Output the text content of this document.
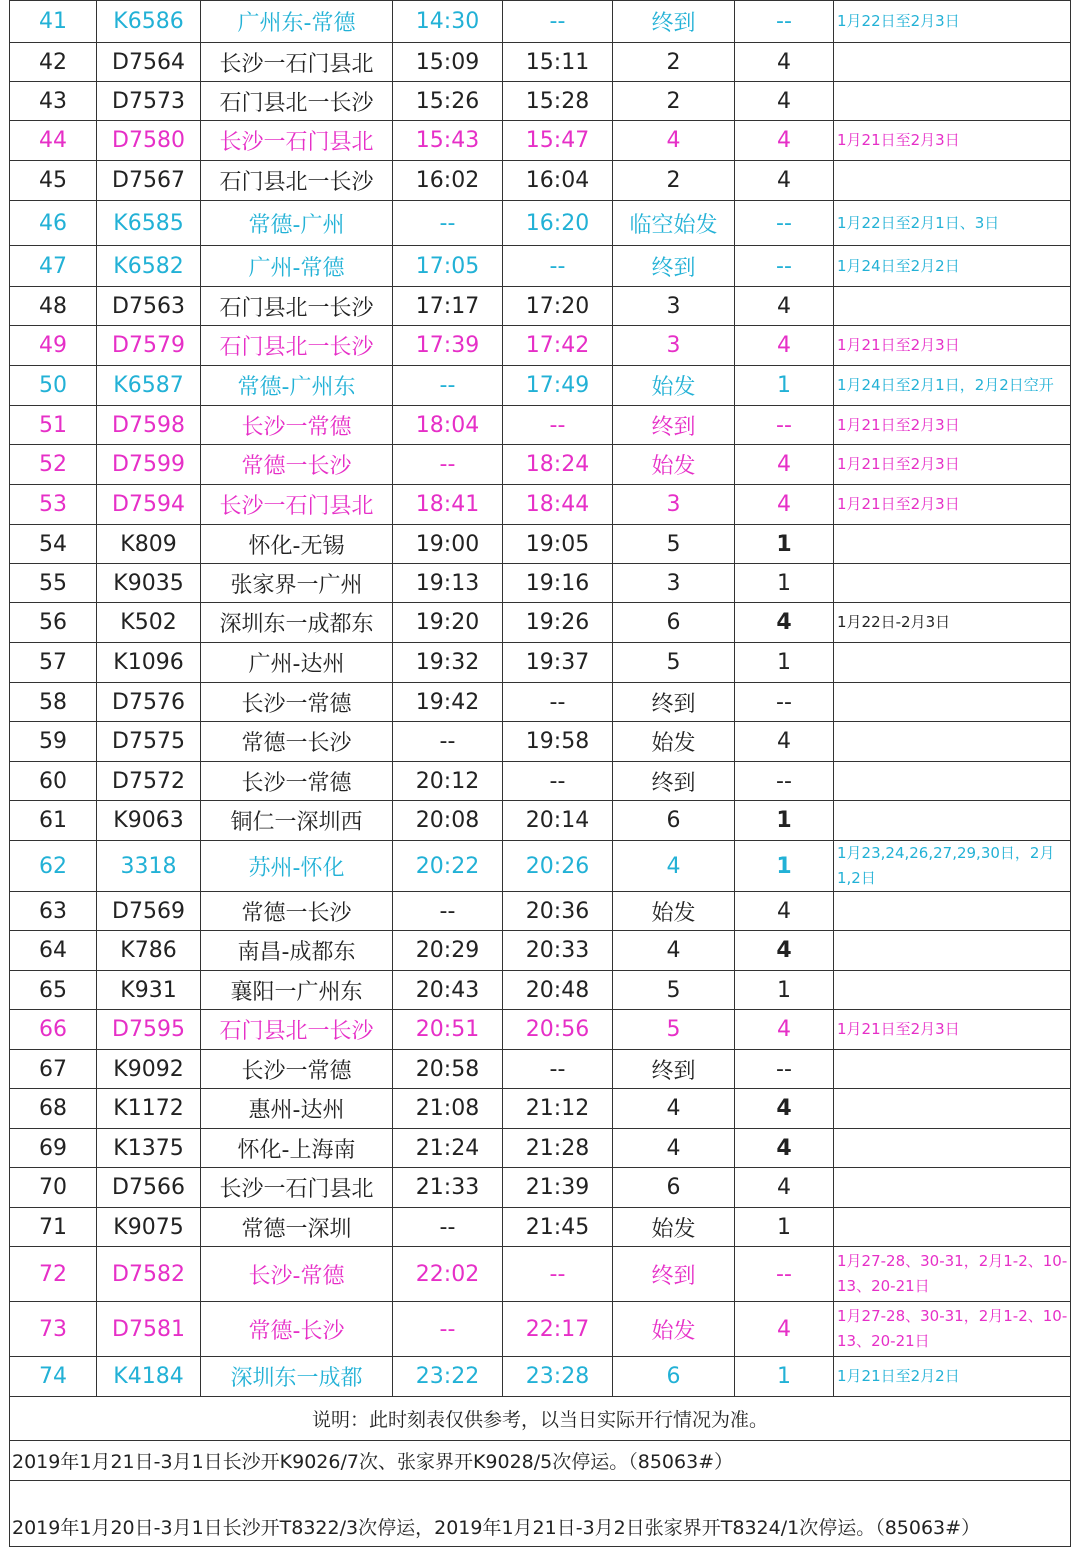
41	K6586	广州东-常德	14:30	--	终到	--	1月22日至2月3日
42	D7564	长沙一石门县北	15:09	15:11	2	4	
43	D7573	石门县北一长沙	15:26	15:28	2	4	
44	D7580	长沙一石门县北	15:43	15:47	4	4	1月21日至2月3日
45	D7567	石门县北一长沙	16:02	16:04	2	4	
46	K6585	常德-广州	--	16:20	临空始发	--	1月22日至2月1日、3日
47	K6582	广州-常德	17:05	--	终到	--	1月24日至2月2日
48	D7563	石门县北一长沙	17:17	17:20	3	4	
49	D7579	石门县北一长沙	17:39	17:42	3	4	1月21日至2月3日
50	K6587	常德-广州东	--	17:49	始发	1	1月24日至2月1日，2月2日空开
51	D7598	长沙一常德	18:04	--	终到	--	1月21日至2月3日
52	D7599	常德一长沙	--	18:24	始发	4	1月21日至2月3日
53	D7594	长沙一石门县北	18:41	18:44	3	4	1月21日至2月3日
54	K809	怀化-无锡	19:00	19:05	5	1	
55	K9035	张家界一广州	19:13	19:16	3	1	
56	K502	深圳东一成都东	19:20	19:26	6	4	1月22日-2月3日
57	K1096	广州-达州	19:32	19:37	5	1	
58	D7576	长沙一常德	19:42	--	终到	--	
59	D7575	常德一长沙	--	19:58	始发	4	
60	D7572	长沙一常德	20:12	--	终到	--	
61	K9063	铜仁一深圳西	20:08	20:14	6	1	
62	3318	苏州-怀化	20:22	20:26	4	1	1月23,24,26,27,29,30日，2月1,2日
63	D7569	常德一长沙	--	20:36	始发	4	
64	K786	南昌-成都东	20:29	20:33	4	4	
65	K931	襄阳一广州东	20:43	20:48	5	1	
66	D7595	石门县北一长沙	20:51	20:56	5	4	1月21日至2月3日
67	K9092	长沙一常德	20:58	--	终到	--	
68	K1172	惠州-达州	21:08	21:12	4	4	
69	K1375	怀化-上海南	21:24	21:28	4	4	
70	D7566	长沙一石门县北	21:33	21:39	6	4	
71	K9075	常德一深圳	--	21:45	始发	1	
72	D7582	长沙-常德	22:02	--	终到	--	1月27-28、30-31，2月1-2、10-13、20-21日
73	D7581	常德-长沙	--	22:17	始发	4	1月27-28、30-31，2月1-2、10-13、20-21日
74	K4184	深圳东一成都	23:22	23:28	6	1	1月21日至2月2日
说明：此时刻表仅供参考，以当日实际开行情况为准。							
2019年1月21日-3月1日长沙开K9026/7次、张家界开K9028/5次停运。（85063#）							
2019年1月20日-3月1日长沙开T8322/3次停运，2019年1月21日-3月2日张家界开T8324/1次停运。（85063#）							
